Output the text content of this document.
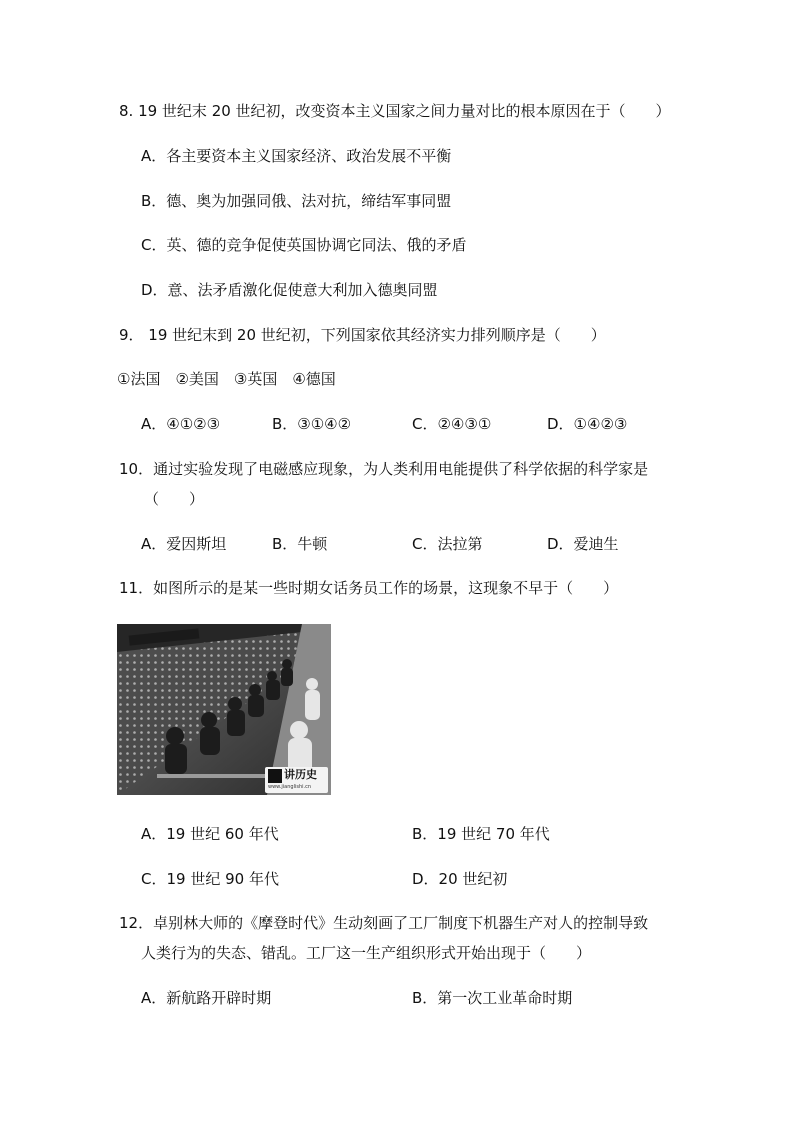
8. 19 世纪末 20 世纪初，改变资本主义国家之间力量对比的根本原因在于（　　）
A．各主要资本主义国家经济、政治发展不平衡
B．德、奥为加强同俄、法对抗，缔结军事同盟
C．英、德的竞争促使英国协调它同法、俄的矛盾
D．意、法矛盾激化促使意大利加入德奥同盟
9． 19 世纪末到 20 世纪初，下列国家依其经济实力排列顺序是（　　）
①法国　②美国　③英国　④德国
A．④①②③	B．③①④②	C．②④③①	D．①④②③
10．通过实验发现了电磁感应现象，为人类利用电能提供了科学依据的科学家是
（　　）
A．爱因斯坦	B．牛顿	C．法拉第	D．爱迪生
11．如图所示的是某一些时期女话务员工作的场景，这现象不早于（　　）
讲历史
www.jianglishi.cn
A．19 世纪 60 年代	B．19 世纪 70 年代
C．19 世纪 90 年代	D．20 世纪初
12．卓别林大师的《摩登时代》生动刻画了工厂制度下机器生产对人的控制导致
人类行为的失态、错乱。工厂这一生产组织形式开始出现于（　　）
A．新航路开辟时期	B．第一次工业革命时期
